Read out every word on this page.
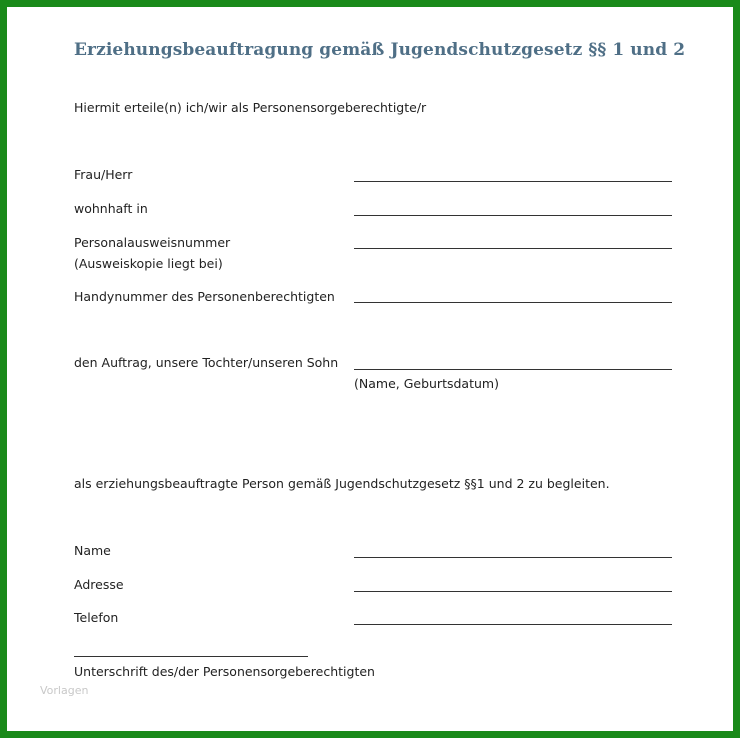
Erziehungsbeauftragung gemäß Jugendschutzgesetz §§ 1 und 2
Hiermit erteile(n) ich/wir als Personensorgeberechtigte/r
Frau/Herr
wohnhaft in
Personalausweisnummer
(Ausweiskopie liegt bei)
Handynummer des Personenberechtigten
den Auftrag, unsere Tochter/unseren Sohn
(Name, Geburtsdatum)
als erziehungsbeauftragte Person gemäß Jugendschutzgesetz §§1 und 2 zu begleiten.
Name
Adresse
Telefon
Unterschrift des/der Personensorgeberechtigten
Vorlagen
